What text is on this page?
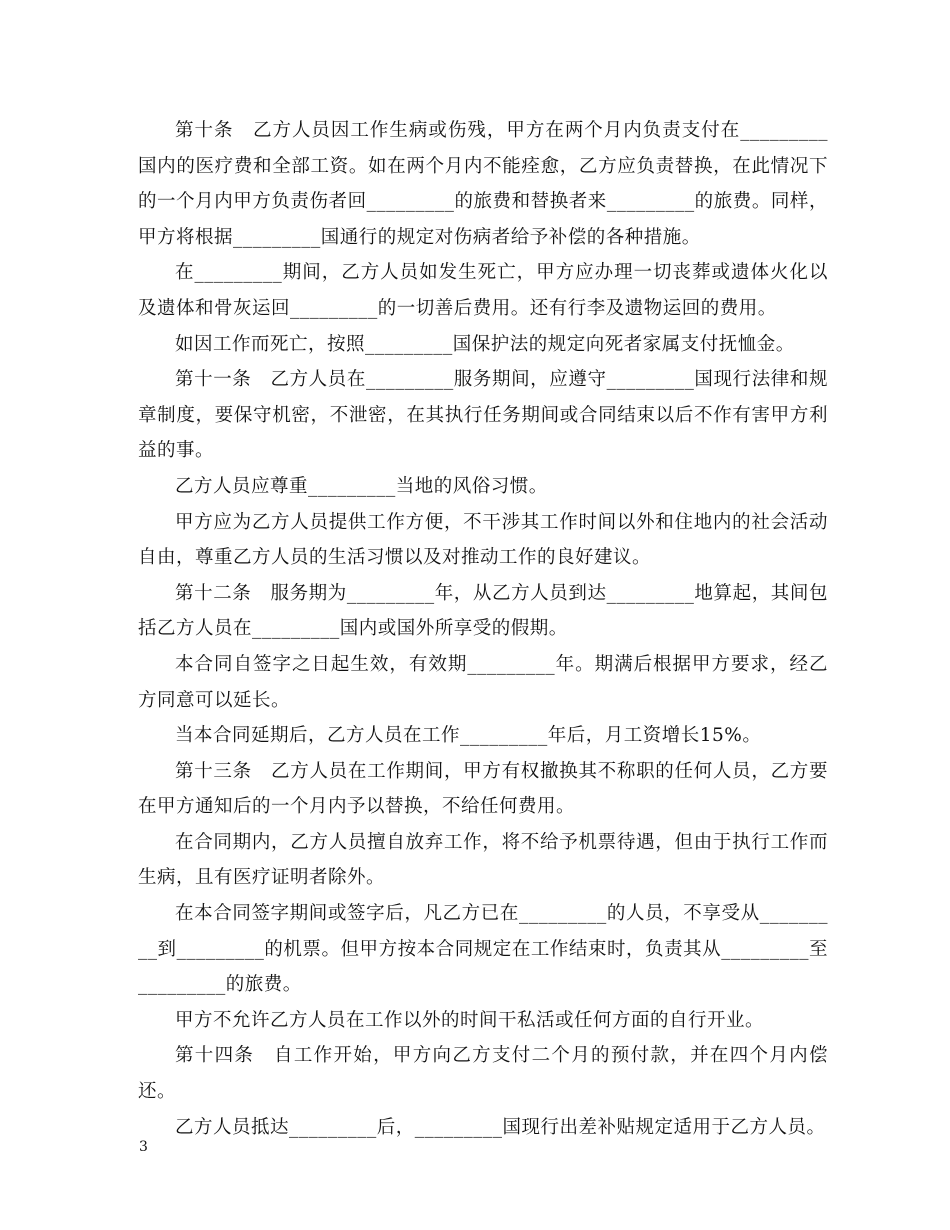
第十条　乙方人员因工作生病或伤残，甲方在两个月内负责支付在_________国内的医疗费和全部工资。如在两个月内不能痊愈，乙方应负责替换，在此情况下的一个月内甲方负责伤者回_________的旅费和替换者来_________的旅费。同样，甲方将根据_________国通行的规定对伤病者给予补偿的各种措施。

在_________期间，乙方人员如发生死亡，甲方应办理一切丧葬或遗体火化以及遗体和骨灰运回_________的一切善后费用。还有行李及遗物运回的费用。

如因工作而死亡，按照_________国保护法的规定向死者家属支付抚恤金。

第十一条　乙方人员在_________服务期间，应遵守_________国现行法律和规章制度，要保守机密，不泄密，在其执行任务期间或合同结束以后不作有害甲方利益的事。

乙方人员应尊重_________当地的风俗习惯。

甲方应为乙方人员提供工作方便，不干涉其工作时间以外和住地内的社会活动自由，尊重乙方人员的生活习惯以及对推动工作的良好建议。

第十二条　服务期为_________年，从乙方人员到达_________地算起，其间包括乙方人员在_________国内或国外所享受的假期。

本合同自签字之日起生效，有效期_________年。期满后根据甲方要求，经乙方同意可以延长。

当本合同延期后，乙方人员在工作_________年后，月工资增长15%。

第十三条　乙方人员在工作期间，甲方有权撤换其不称职的任何人员，乙方要在甲方通知后的一个月内予以替换，不给任何费用。

在合同期内，乙方人员擅自放弃工作，将不给予机票待遇，但由于执行工作而生病，且有医疗证明者除外。

在本合同签字期间或签字后，凡乙方已在_________的人员，不享受从_________到_________的机票。但甲方按本合同规定在工作结束时，负责其从_________至_________的旅费。

甲方不允许乙方人员在工作以外的时间干私活或任何方面的自行开业。

第十四条　自工作开始，甲方向乙方支付二个月的预付款，并在四个月内偿还。

乙方人员抵达_________后，_________国现行出差补贴规定适用于乙方人员。

3
